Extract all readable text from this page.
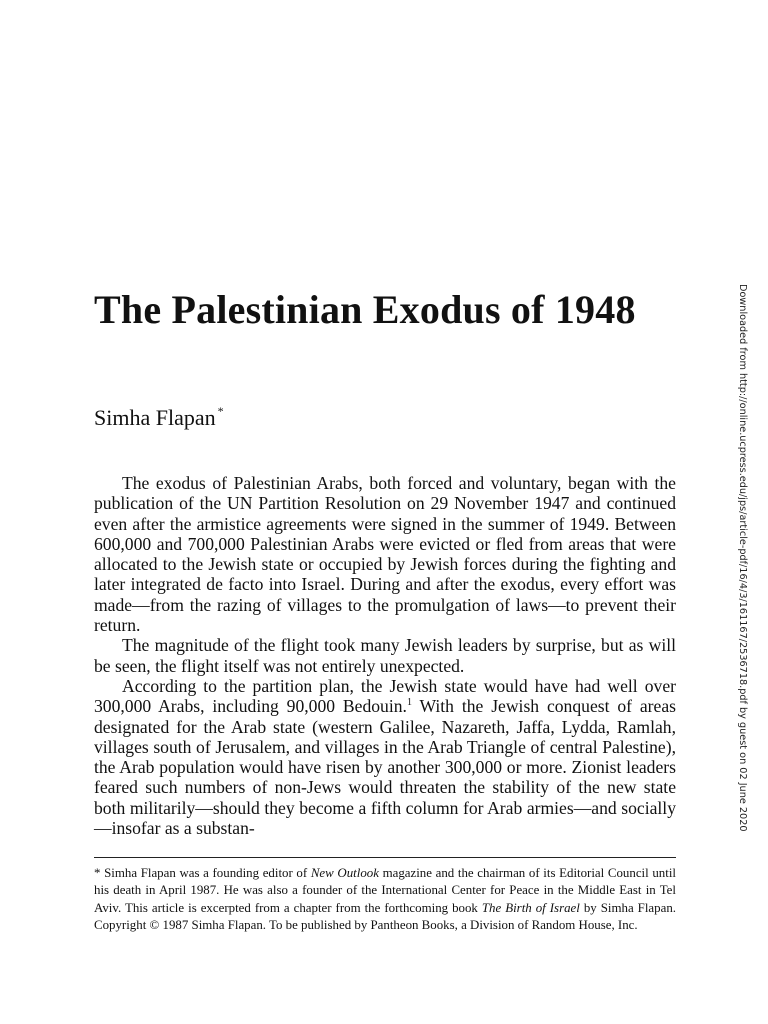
The Palestinian Exodus of 1948
Simha Flapan *

The exodus of Palestinian Arabs, both forced and voluntary, began with the publication of the UN Partition Resolution on 29 November 1947 and continued even after the armistice agreements were signed in the summer of 1949. Between 600,000 and 700,000 Palestinian Arabs were evicted or fled from areas that were allocated to the Jewish state or occupied by Jewish forces during the fighting and later integrated de facto into Israel. During and after the exodus, every effort was made—from the razing of villages to the promulgation of laws—to prevent their return.

The magnitude of the flight took many Jewish leaders by surprise, but as will be seen, the flight itself was not entirely unexpected.

According to the partition plan, the Jewish state would have had well over 300,000 Arabs, including 90,000 Bedouin.$^1$ With the Jewish conquest of areas designated for the Arab state (western Galilee, Nazareth, Jaffa, Lydda, Ramlah, villages south of Jerusalem, and villages in the Arab Triangle of central Palestine), the Arab population would have risen by another 300,000 or more. Zionist leaders feared such numbers of non-Jews would threaten the stability of the new state both militarily—should they become a fifth column for Arab armies—and socially—insofar as a substan-

* Simha Flapan was a founding editor of New Outlook magazine and the chairman of its Editorial Council until his death in April 1987. He was also a founder of the International Center for Peace in the Middle East in Tel Aviv. This article is excerpted from a chapter from the forthcoming book The Birth of Israel by Simha Flapan. Copyright © 1987 Simha Flapan. To be published by Pantheon Books, a Division of Random House, Inc.
Downloaded from http://online.ucpress.edu/jps/article-pdf/16/4/3/161167/2536718.pdf by guest on 02 June 2020
